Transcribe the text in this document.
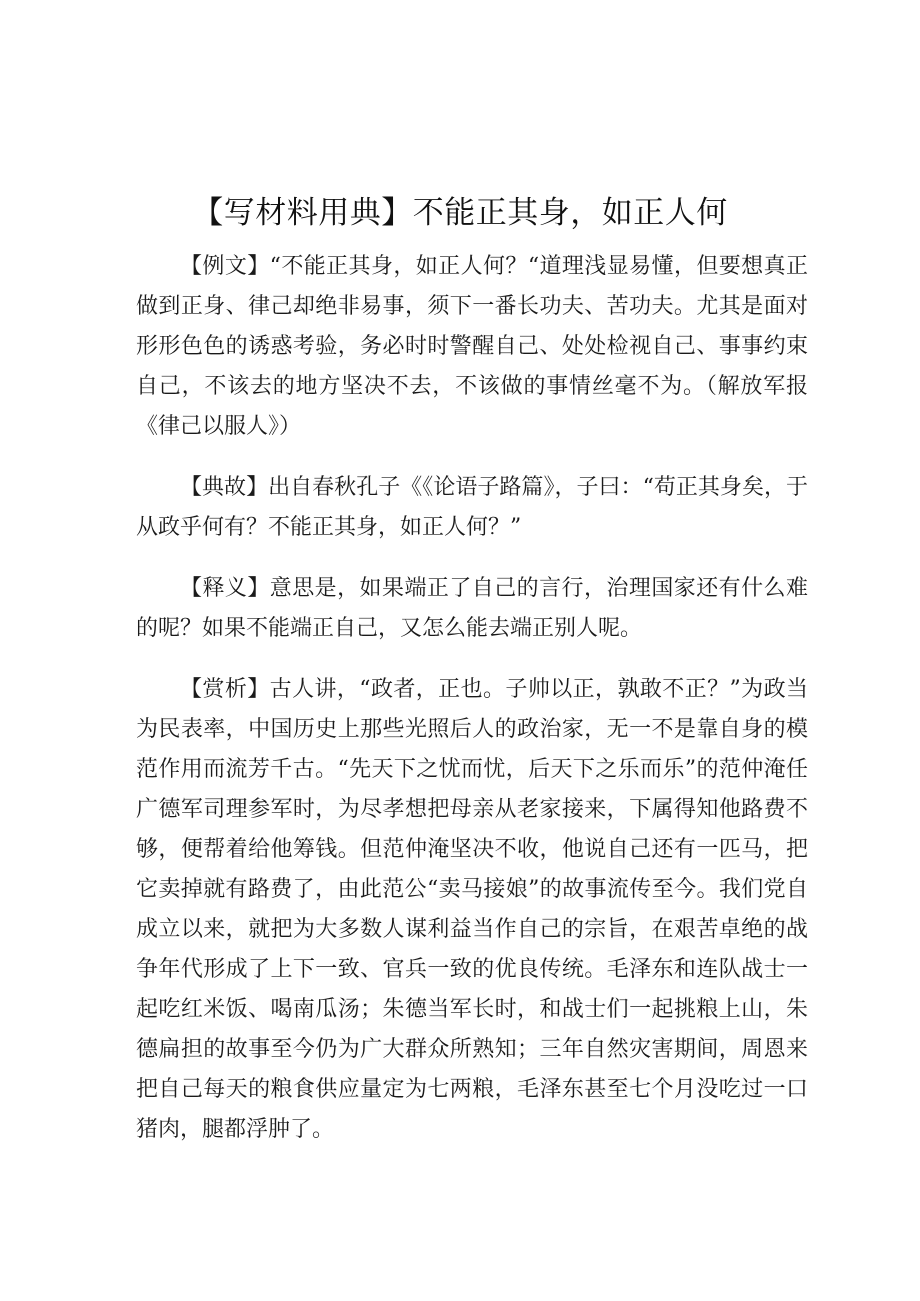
【写材料用典】不能正其身，如正人何

【例文】“不能正其身，如正人何？“道理浅显易懂，但要想真正做到正身、律己却绝非易事，须下一番长功夫、苦功夫。尤其是面对形形色色的诱惑考验，务必时时警醒自己、处处检视自己、事事约束自己，不该去的地方坚决不去，不该做的事情丝毫不为。（解放军报《律己以服人》）

【典故】出自春秋孔子《《论语子路篇》，子曰：“苟正其身矣，于从政乎何有？不能正其身，如正人何？”

【释义】意思是，如果端正了自己的言行，治理国家还有什么难的呢？如果不能端正自己，又怎么能去端正别人呢。

【赏析】古人讲，“政者，正也。子帅以正，孰敢不正？”为政当为民表率，中国历史上那些光照后人的政治家，无一不是靠自身的模范作用而流芳千古。“先天下之忧而忧，后天下之乐而乐”的范仲淹任广德军司理参军时，为尽孝想把母亲从老家接来，下属得知他路费不够，便帮着给他筹钱。但范仲淹坚决不收，他说自己还有一匹马，把它卖掉就有路费了，由此范公“卖马接娘”的故事流传至今。我们党自成立以来，就把为大多数人谋利益当作自己的宗旨，在艰苦卓绝的战争年代形成了上下一致、官兵一致的优良传统。毛泽东和连队战士一起吃红米饭、喝南瓜汤；朱德当军长时，和战士们一起挑粮上山，朱德扁担的故事至今仍为广大群众所熟知；三年自然灾害期间，周恩来把自己每天的粮食供应量定为七两粮，毛泽东甚至七个月没吃过一口猪肉，腿都浮肿了。
